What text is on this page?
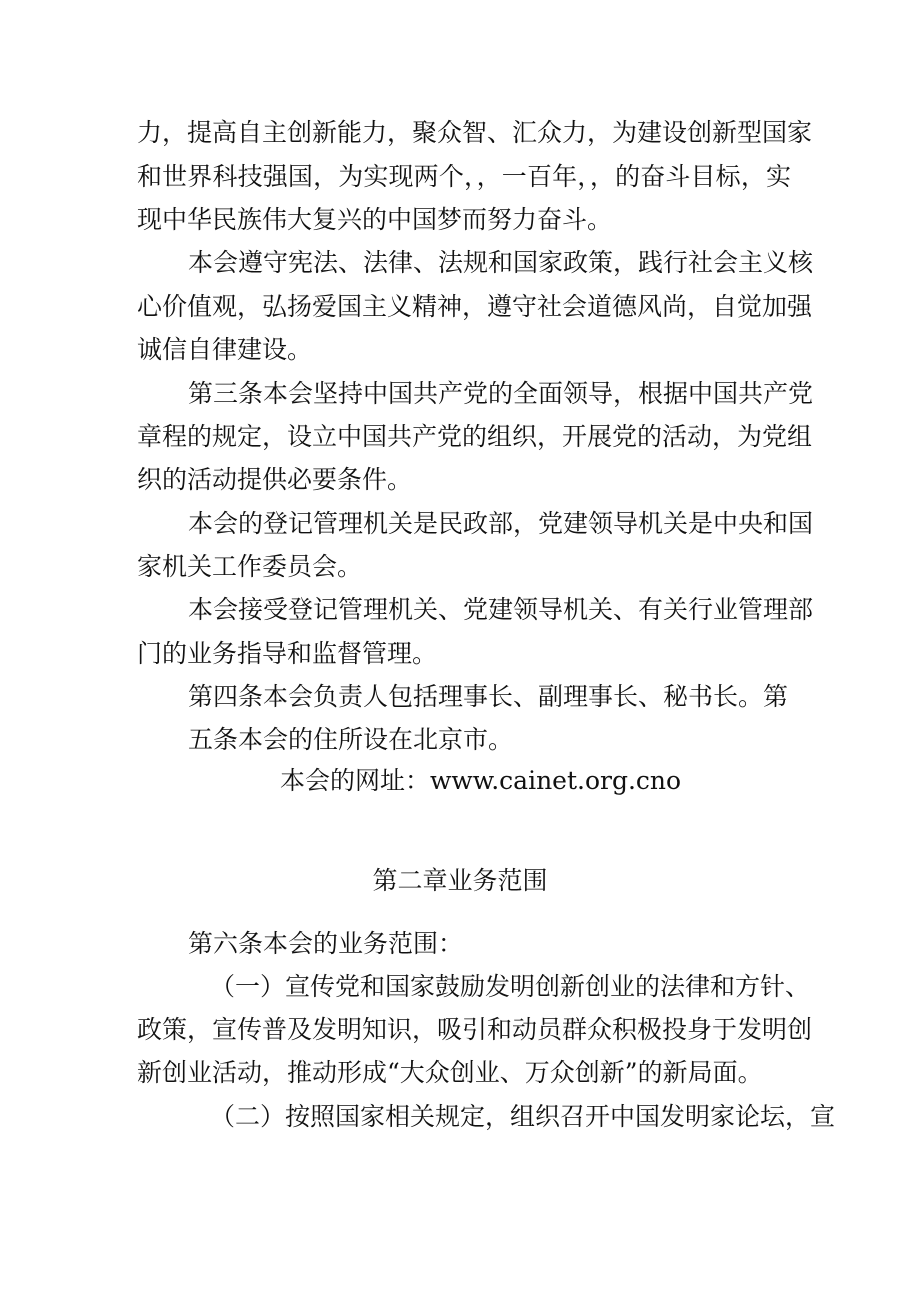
力，提高自主创新能力，聚众智、汇众力，为建设创新型国家
和世界科技强国，为实现两个，，一百年，，的奋斗目标，实
现中华民族伟大复兴的中国梦而努力奋斗。
本会遵守宪法、法律、法规和国家政策，践行社会主义核
心价值观，弘扬爱国主义精神，遵守社会道德风尚，自觉加强
诚信自律建设。
第三条本会坚持中国共产党的全面领导，根据中国共产党
章程的规定，设立中国共产党的组织，开展党的活动，为党组
织的活动提供必要条件。
本会的登记管理机关是民政部，党建领导机关是中央和国
家机关工作委员会。
本会接受登记管理机关、党建领导机关、有关行业管理部
门的业务指导和监督管理。
第四条本会负责人包括理事长、副理事长、秘书长。第
五条本会的住所设在北京市。
本会的网址：www.cainet.org.cno
第二章业务范围
第六条本会的业务范围：
（一）宣传党和国家鼓励发明创新创业的法律和方针、
政策，宣传普及发明知识，吸引和动员群众积极投身于发明创
新创业活动，推动形成“大众创业、万众创新”的新局面。
（二）按照国家相关规定，组织召开中国发明家论坛，宣
